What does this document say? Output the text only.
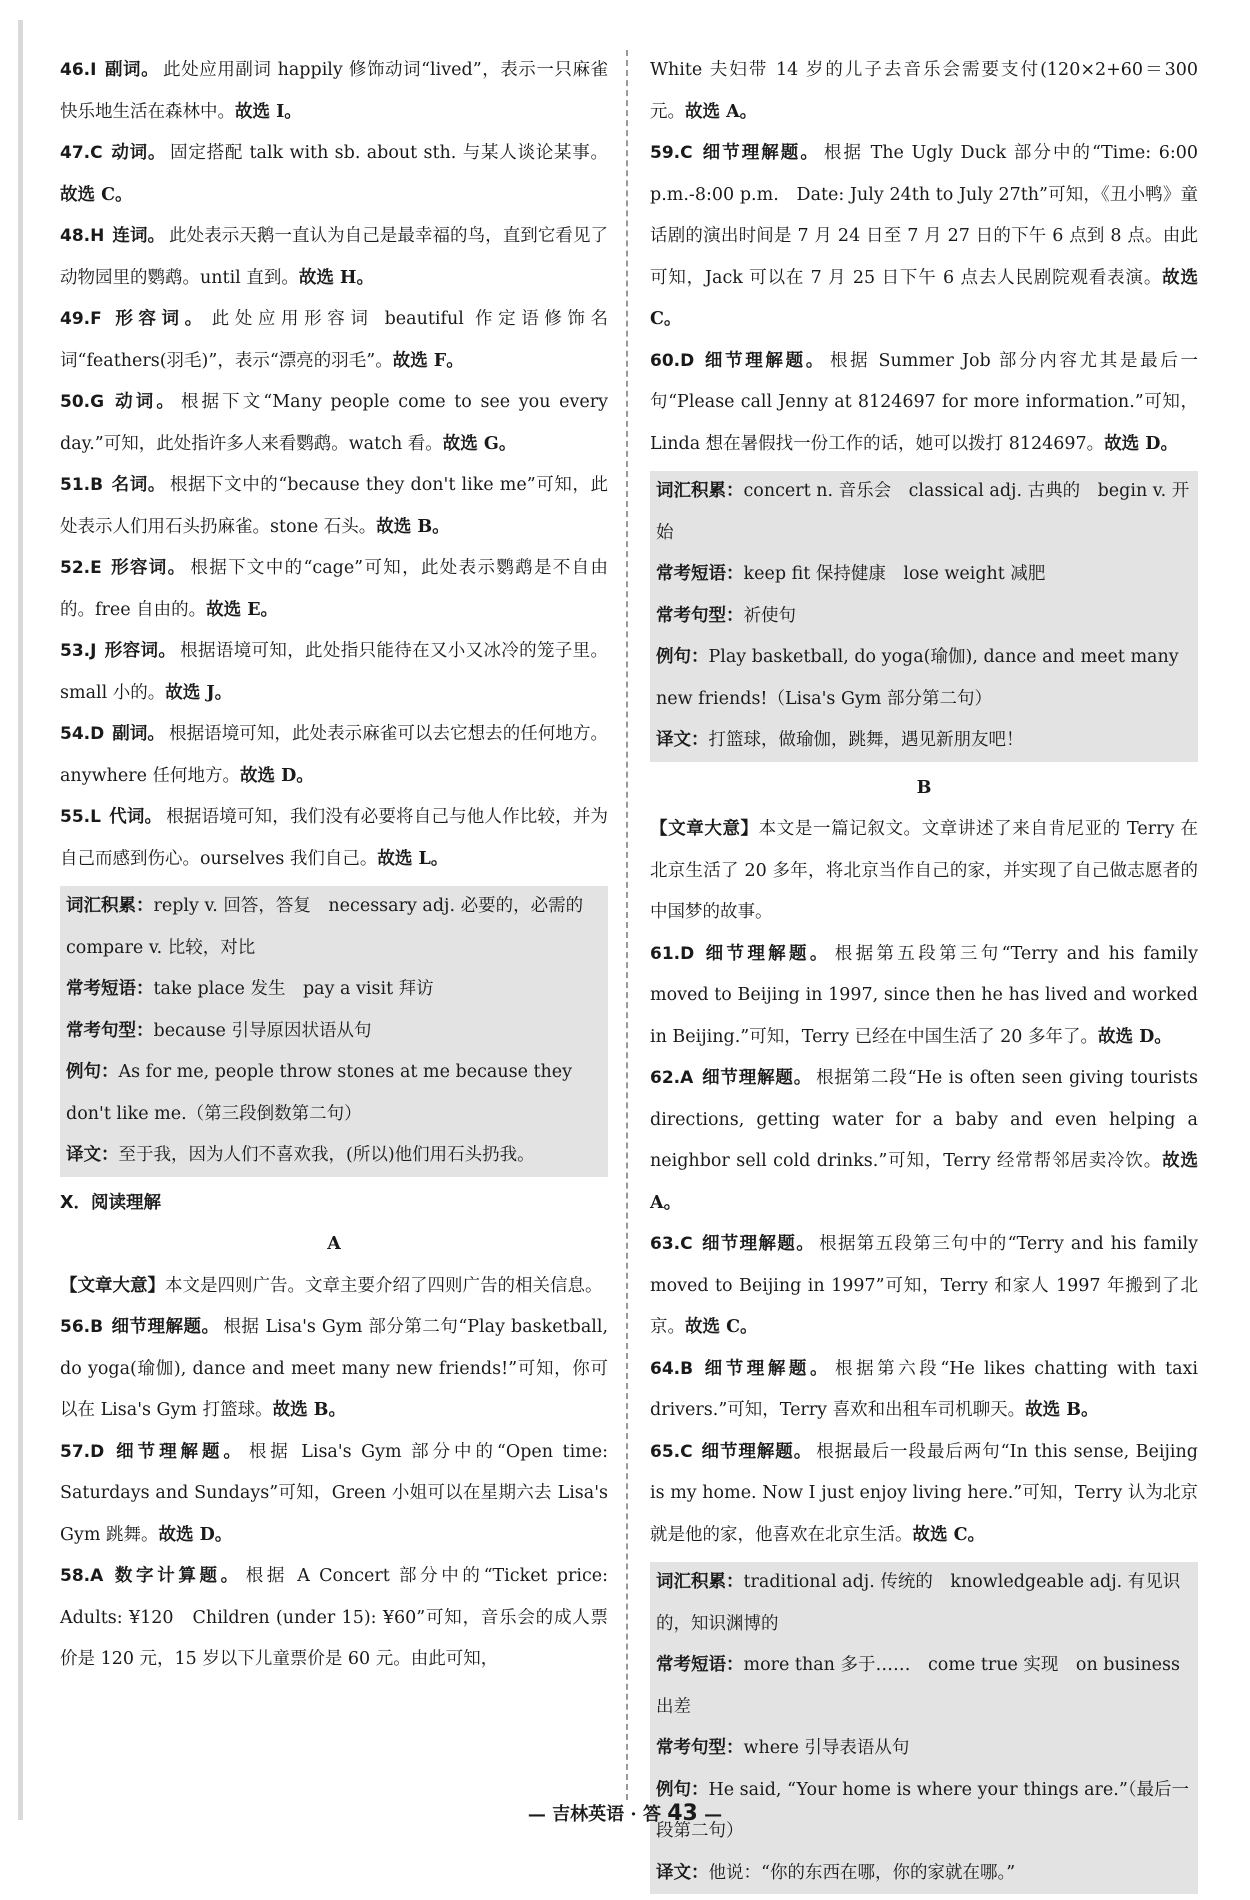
46.I 副词。 此处应用副词 happily 修饰动词“lived”，表示一只麻雀快乐地生活在森林中。故选 I。
47.C 动词。 固定搭配 talk with sb. about sth. 与某人谈论某事。故选 C。
48.H 连词。 此处表示天鹅一直认为自己是最幸福的鸟，直到它看见了动物园里的鹦鹉。until 直到。故选 H。
49.F 形容词。 此处应用形容词 beautiful 作定语修饰名词“feathers(羽毛)”，表示“漂亮的羽毛”。故选 F。
50.G 动词。 根据下文“Many people come to see you every day.”可知，此处指许多人来看鹦鹉。watch 看。故选 G。
51.B 名词。 根据下文中的“because they don't like me”可知，此处表示人们用石头扔麻雀。stone 石头。故选 B。
52.E 形容词。 根据下文中的“cage”可知，此处表示鹦鹉是不自由的。free 自由的。故选 E。
53.J 形容词。 根据语境可知，此处指只能待在又小又冰冷的笼子里。small 小的。故选 J。
54.D 副词。 根据语境可知，此处表示麻雀可以去它想去的任何地方。anywhere 任何地方。故选 D。
55.L 代词。 根据语境可知，我们没有必要将自己与他人作比较，并为自己而感到伤心。ourselves 我们自己。故选 L。
词汇积累：reply v. 回答，答复　necessary adj. 必要的，必需的　compare v. 比较，对比
常考短语：take place 发生　pay a visit 拜访
常考句型：because 引导原因状语从句
例句：As for me, people throw stones at me because they don't like me.（第三段倒数第二句）
译文：至于我，因为人们不喜欢我，(所以)他们用石头扔我。
X．阅读理解
A
【文章大意】本文是四则广告。文章主要介绍了四则广告的相关信息。
56.B 细节理解题。 根据 Lisa's Gym 部分第二句“Play basketball, do yoga(瑜伽), dance and meet many new friends!”可知，你可以在 Lisa's Gym 打篮球。故选 B。
57.D 细节理解题。 根据 Lisa's Gym 部分中的“Open time: Saturdays and Sundays”可知，Green 小姐可以在星期六去 Lisa's Gym 跳舞。故选 D。
58.A 数字计算题。 根据 A Concert 部分中的“Ticket price: Adults: ¥120　Children (under 15): ¥60”可知，音乐会的成人票价是 120 元，15 岁以下儿童票价是 60 元。由此可知，
White 夫妇带 14 岁的儿子去音乐会需要支付(120×2+60＝300 元。故选 A。
59.C 细节理解题。 根据 The Ugly Duck 部分中的“Time: 6:00 p.m.-8:00 p.m.　Date: July 24th to July 27th”可知，《丑小鸭》童话剧的演出时间是 7 月 24 日至 7 月 27 日的下午 6 点到 8 点。由此可知，Jack 可以在 7 月 25 日下午 6 点去人民剧院观看表演。故选 C。
60.D 细节理解题。 根据 Summer Job 部分内容尤其是最后一句“Please call Jenny at 8124697 for more information.”可知，Linda 想在暑假找一份工作的话，她可以拨打 8124697。故选 D。
词汇积累：concert n. 音乐会　classical adj. 古典的　begin v. 开始
常考短语：keep fit 保持健康　lose weight 减肥
常考句型：祈使句
例句：Play basketball, do yoga(瑜伽), dance and meet many new friends!（Lisa's Gym 部分第二句）
译文：打篮球，做瑜伽，跳舞，遇见新朋友吧！
B
【文章大意】本文是一篇记叙文。文章讲述了来自肯尼亚的 Terry 在北京生活了 20 多年，将北京当作自己的家，并实现了自己做志愿者的中国梦的故事。
61.D 细节理解题。 根据第五段第三句“Terry and his family moved to Beijing in 1997, since then he has lived and worked in Beijing.”可知，Terry 已经在中国生活了 20 多年了。故选 D。
62.A 细节理解题。 根据第二段“He is often seen giving tourists directions, getting water for a baby and even helping a neighbor sell cold drinks.”可知，Terry 经常帮邻居卖冷饮。故选 A。
63.C 细节理解题。 根据第五段第三句中的“Terry and his family moved to Beijing in 1997”可知，Terry 和家人 1997 年搬到了北京。故选 C。
64.B 细节理解题。 根据第六段“He likes chatting with taxi drivers.”可知，Terry 喜欢和出租车司机聊天。故选 B。
65.C 细节理解题。 根据最后一段最后两句“In this sense, Beijing is my home. Now I just enjoy living here.”可知，Terry 认为北京就是他的家，他喜欢在北京生活。故选 C。
词汇积累：traditional adj. 传统的　knowledgeable adj. 有见识的，知识渊博的
常考短语：more than 多于……　come true 实现　on business 出差
常考句型：where 引导表语从句
例句：He said, “Your home is where your things are.”（最后一段第二句）
译文：他说：“你的东西在哪，你的家就在哪。”
— 吉林英语 · 答 43 —
